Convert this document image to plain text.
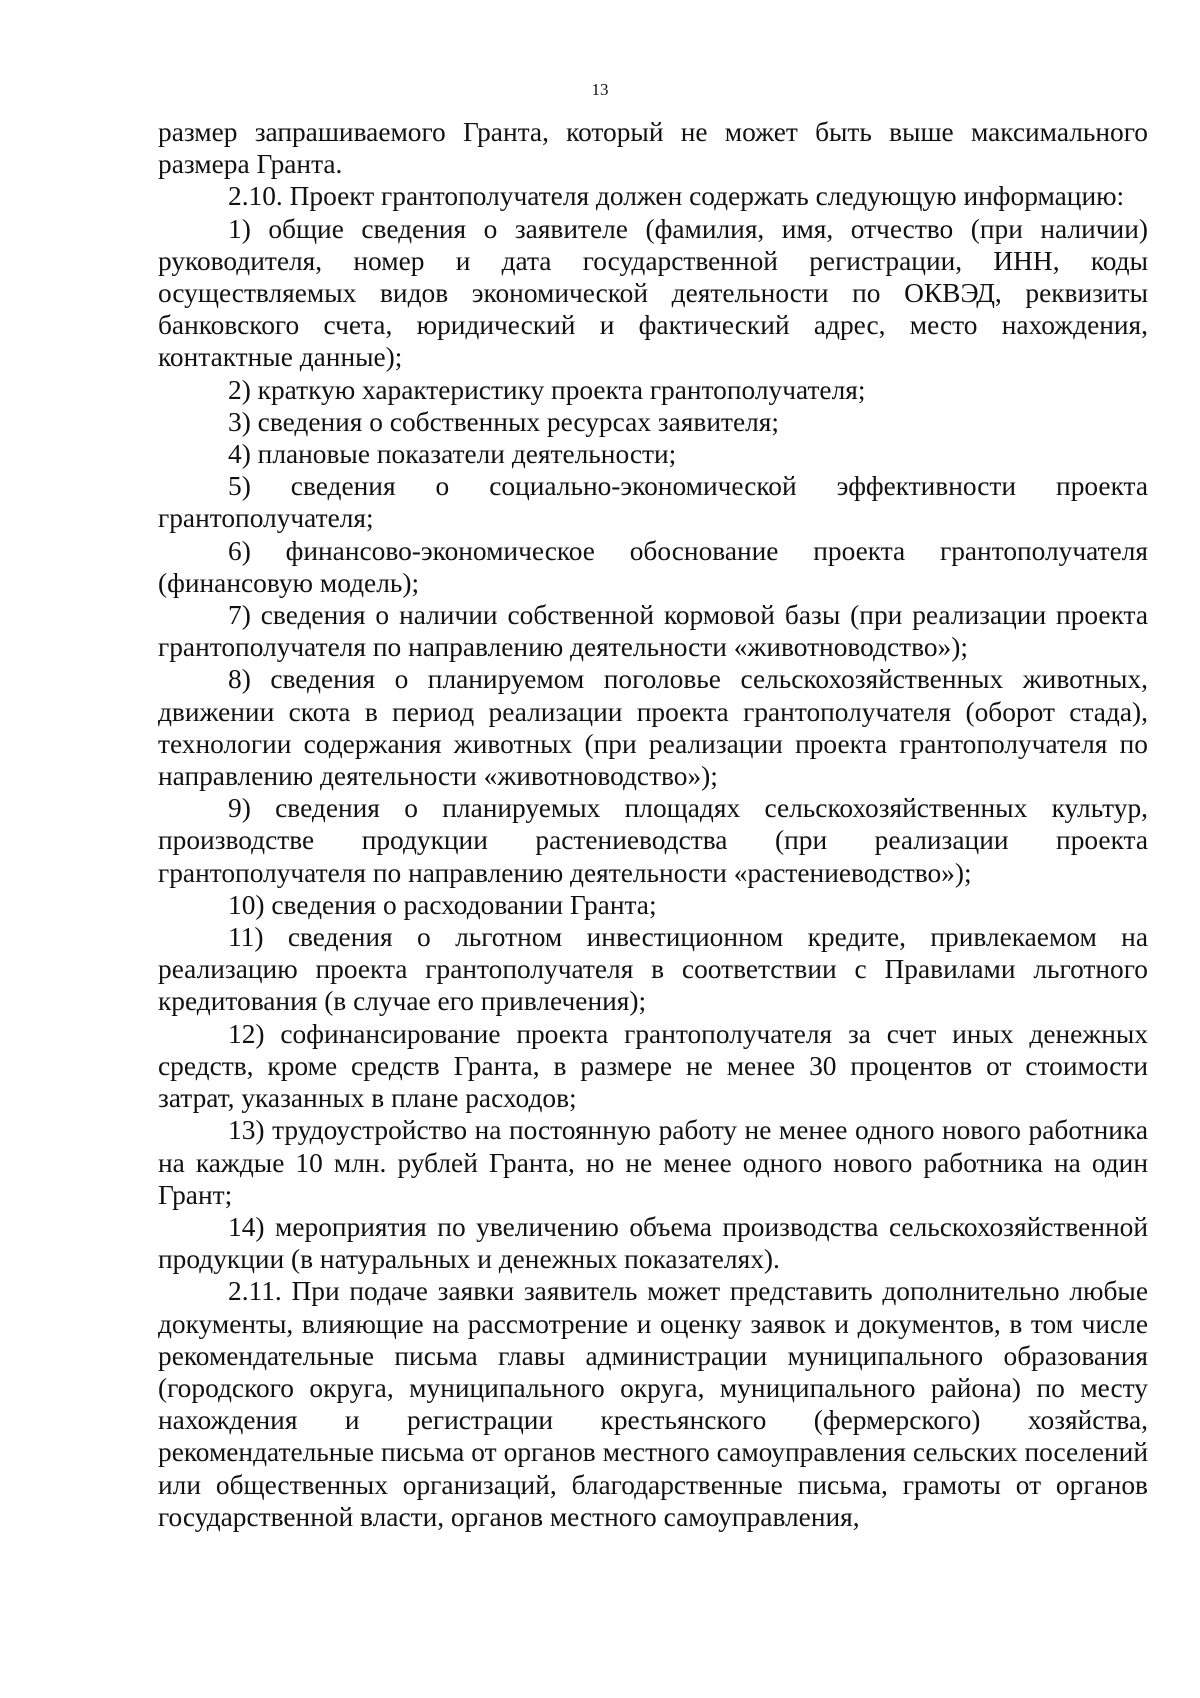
13

размер запрашиваемого Гранта, который не может быть выше максимального размера Гранта.

2.10. Проект грантополучателя должен содержать следующую информацию:

1) общие сведения о заявителе (фамилия, имя, отчество (при наличии) руководителя, номер и дата государственной регистрации, ИНН, коды осуществляемых видов экономической деятельности по ОКВЭД, реквизиты банковского счета, юридический и фактический адрес, место нахождения, контактные данные);

2) краткую характеристику проекта грантополучателя;

3) сведения о собственных ресурсах заявителя;

4) плановые показатели деятельности;

5) сведения о социально-экономической эффективности проекта грантополучателя;

6) финансово-экономическое обоснование проекта грантополучателя (финансовую модель);

7) сведения о наличии собственной кормовой базы (при реализации проекта грантополучателя по направлению деятельности «животноводство»);

8) сведения о планируемом поголовье сельскохозяйственных животных, движении скота в период реализации проекта грантополучателя (оборот стада), технологии содержания животных (при реализации проекта грантополучателя по направлению деятельности «животноводство»);

9) сведения о планируемых площадях сельскохозяйственных культур, производстве продукции растениеводства (при реализации проекта грантополучателя по направлению деятельности «растениеводство»);

10) сведения о расходовании Гранта;

11) сведения о льготном инвестиционном кредите, привлекаемом на реализацию проекта грантополучателя в соответствии с Правилами льготного кредитования (в случае его привлечения);

12) софинансирование проекта грантополучателя за счет иных денежных средств, кроме средств Гранта, в размере не менее 30 процентов от стоимости затрат, указанных в плане расходов;

13) трудоустройство на постоянную работу не менее одного нового работника на каждые 10 млн. рублей Гранта, но не менее одного нового работника на один Грант;

14) мероприятия по увеличению объема производства сельскохозяйственной продукции (в натуральных и денежных показателях).

2.11. При подаче заявки заявитель может представить дополнительно любые документы, влияющие на рассмотрение и оценку заявок и документов, в том числе рекомендательные письма главы администрации муниципального образования (городского округа, муниципального округа, муниципального района) по месту нахождения и регистрации крестьянского (фермерского) хозяйства, рекомендательные письма от органов местного самоуправления сельских поселений или общественных организаций, благодарственные письма, грамоты от органов государственной власти, органов местного самоуправления,
